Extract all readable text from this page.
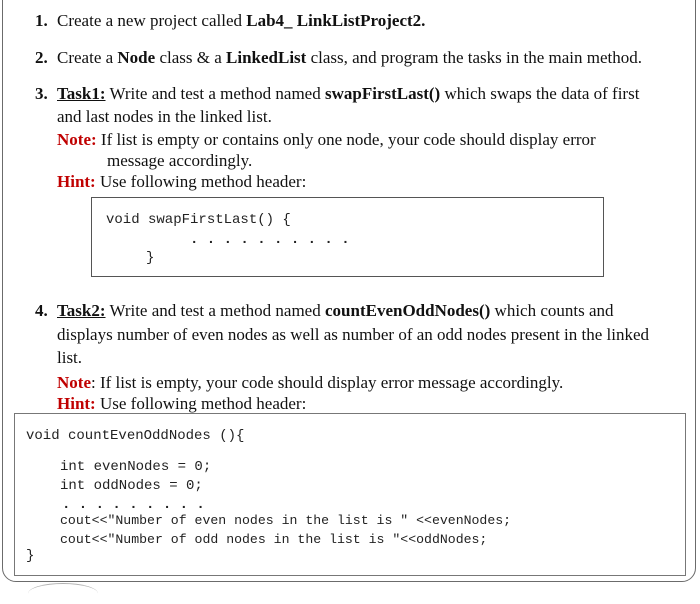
1. Create a new project called Lab4_ LinkListProject2.
2. Create a Node class & a LinkedList class, and program the tasks in the main method.
3. Task1: Write and test a method named swapFirstLast() which swaps the data of first
and last nodes in the linked list.
Note: If list is empty or contains only one node, your code should display error
message accordingly.
Hint: Use following method header:
void swapFirstLast() {
. . . . . . . . . .
}
4. Task2: Write and test a method named countEvenOddNodes() which counts and
displays number of even nodes as well as number of an odd nodes present in the linked
list.
Note: If list is empty, your code should display error message accordingly.
Hint: Use following method header:
void countEvenOddNodes (){
int evenNodes = 0;
int oddNodes = 0;
. . . . . . . . .
cout<<"Number of even nodes in the list is " <<evenNodes;
cout<<"Number of odd nodes in the list is "<<oddNodes;
}
